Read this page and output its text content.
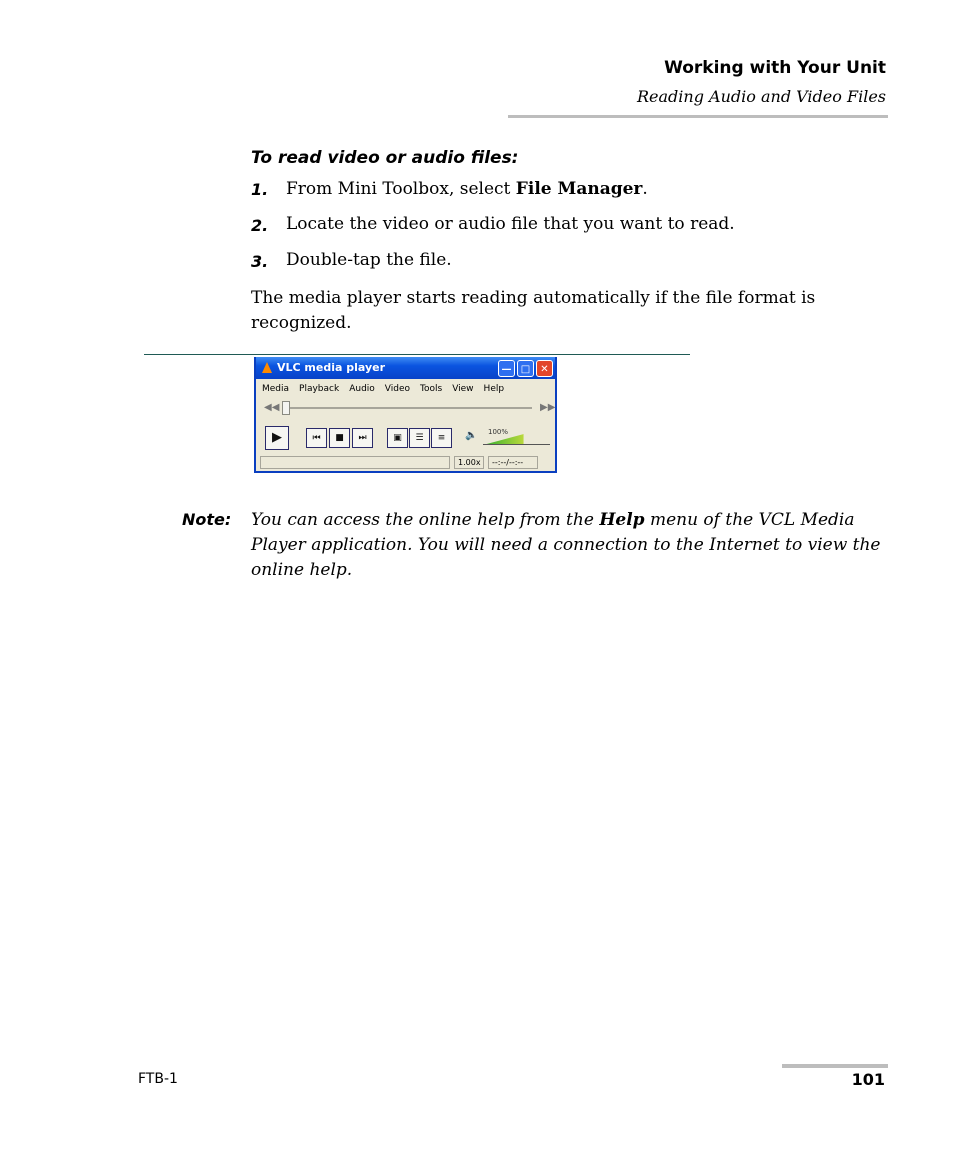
Working with Your Unit
Reading Audio and Video Files
To read video or audio files:
1. From Mini Toolbox, select File Manager.
2. Locate the video or audio file that you want to read.
3. Double-tap the file.
The media player starts reading automatically if the file format is recognized.
VLC media player	— □	✕
Media Playback Audio Video Tools View Help
◀◀	▶▶
▶	⏮	■	⏭	▣	☰	≡	🔈 100%
1.00x	--:--/--:--
Note: You can access the online help from the Help menu of the VCL Media Player application. You will need a connection to the Internet to view the online help.
FTB-1	101
